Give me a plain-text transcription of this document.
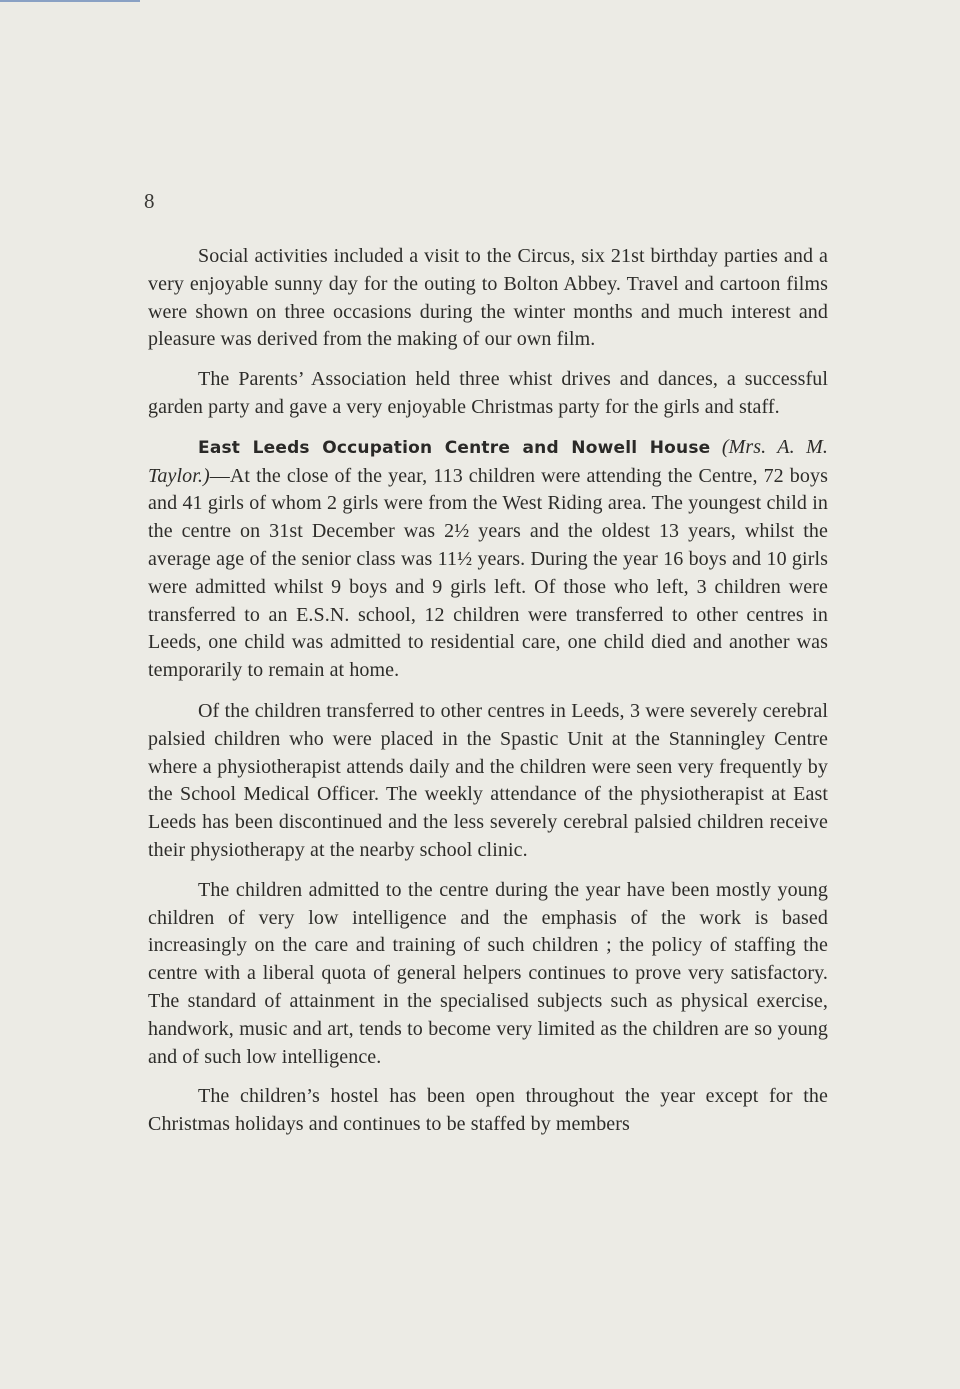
8

Social activities included a visit to the Circus, six 21st birthday parties and a very enjoyable sunny day for the outing to Bolton Abbey. Travel and cartoon films were shown on three occasions during the winter months and much interest and pleasure was derived from the making of our own film.

The Parents’ Association held three whist drives and dances, a successful garden party and gave a very enjoyable Christmas party for the girls and staff.

East Leeds Occupation Centre and Nowell House (Mrs. A. M. Taylor.)—At the close of the year, 113 children were attending the Centre, 72 boys and 41 girls of whom 2 girls were from the West Riding area. The youngest child in the centre on 31st December was 2½ years and the oldest 13 years, whilst the average age of the senior class was 11½ years. During the year 16 boys and 10 girls were admitted whilst 9 boys and 9 girls left. Of those who left, 3 children were transferred to an E.S.N. school, 12 children were transferred to other centres in Leeds, one child was admitted to residential care, one child died and another was temporarily to remain at home.

Of the children transferred to other centres in Leeds, 3 were severely cerebral palsied children who were placed in the Spastic Unit at the Stanningley Centre where a physiotherapist attends daily and the children were seen very frequently by the School Medical Officer. The weekly attendance of the physiotherapist at East Leeds has been discontinued and the less severely cerebral palsied children receive their physiotherapy at the nearby school clinic.

The children admitted to the centre during the year have been mostly young children of very low intelligence and the emphasis of the work is based increasingly on the care and training of such children ; the policy of staffing the centre with a liberal quota of general helpers continues to prove very satisfactory. The standard of attainment in the specialised subjects such as physical exercise, handwork, music and art, tends to become very limited as the children are so young and of such low intelligence.

The children’s hostel has been open throughout the year except for the Christmas holidays and continues to be staffed by members
